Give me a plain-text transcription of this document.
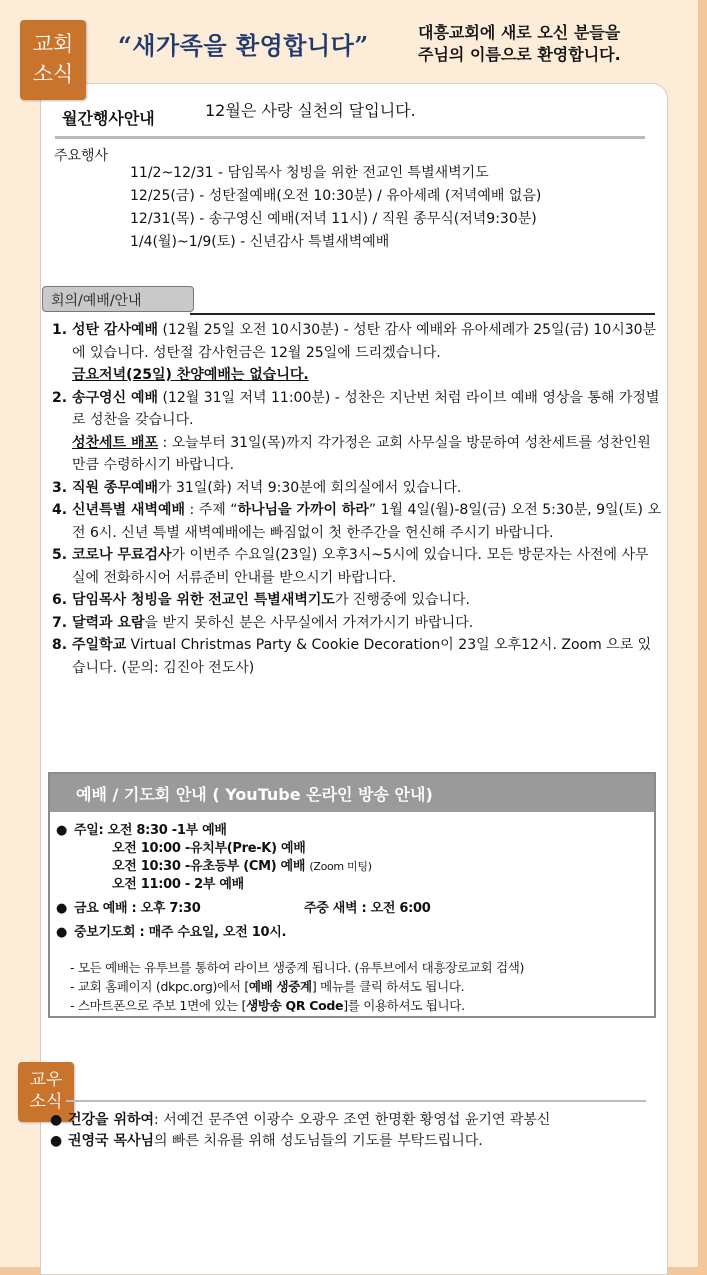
교회
소식
“새가족을 환영합니다”	대흥교회에 새로 오신 분들을
주님의 이름으로 환영합니다.
월간행사안내	12월은 사랑 실천의 달입니다.
주요행사
11/2~12/31 - 담임목사 청빙을 위한 전교인 특별새벽기도
12/25(금) - 성탄절예배(오전 10:30분) / 유아세례 (저녁예배 없음)
12/31(목) - 송구영신 예배(저녁 11시) / 직원 종무식(저녁9:30분)
1/4(월)~1/9(토) - 신년감사 특별새벽예배
회의/예배/안내
1. 성탄 감사예배 (12월 25일 오전 10시30분) - 성탄 감사 예배와 유아세례가 25일(금) 10시30분에 있습니다. 성탄절 감사헌금은 12월 25일에 드리겠습니다.
금요저녁(25일) 찬양예배는 없습니다.
2. 송구영신 예배 (12월 31일 저녁 11:00분) - 성찬은 지난번 처럼 라이브 예배 영상을 통해 가정별로 성찬을 갖습니다.
성찬세트 배포 : 오늘부터 31일(목)까지 각가정은 교회 사무실을 방문하여 성찬세트를 성찬인원 만큼 수령하시기 바랍니다.
3. 직원 종무예배가 31일(화) 저녁 9:30분에 회의실에서 있습니다.
4. 신년특별 새벽예배 : 주제 “하나님을 가까이 하라” 1월 4일(월)-8일(금) 오전 5:30분, 9일(토) 오전 6시. 신년 특별 새벽예배에는 빠짐없이 첫 한주간을 헌신해 주시기 바랍니다.
5. 코로나 무료검사가 이번주 수요일(23일) 오후3시~5시에 있습니다. 모든 방문자는 사전에 사무실에 전화하시어 서류준비 안내를 받으시기 바랍니다.
6. 담임목사 청빙을 위한 전교인 특별새벽기도가 진행중에 있습니다.
7. 달력과 요람을 받지 못하신 분은 사무실에서 가져가시기 바랍니다.
8. 주일학교 Virtual Christmas Party & Cookie Decoration이 23일 오후12시. Zoom 으로 있습니다. (문의: 김진아 전도사)
예배 / 기도회 안내 ( YouTube 온라인 방송 안내)
● 주일: 오전 8:30 -1부 예배
오전 10:00 -유치부(Pre-K) 예배
오전 10:30 -유초등부 (CM) 예배 (Zoom 미팅)
오전 11:00 - 2부 예배
● 금요 예배 : 오후 7:30	주중 새벽 : 오전 6:00
● 중보기도회 : 매주 수요일, 오전 10시.
- 모든 예배는 유투브를 통하여 라이브 생중계 됩니다. (유투브에서 대흥장로교회 검색)
- 교회 홈페이지 (dkpc.org)에서 [예배 생중계] 메뉴를 클릭 하셔도 됩니다.
- 스마트폰으로 주보 1면에 있는 [생방송 QR Code]를 이용하셔도 됩니다.
교우
소식
● 건강을 위하여 : 서예건 문주연 이광수 오광우 조연 한명환 황영섭 윤기연 곽봉신
● 권영국 목사님 의 빠른 치유를 위해 성도님들의 기도를 부탁드립니다.
